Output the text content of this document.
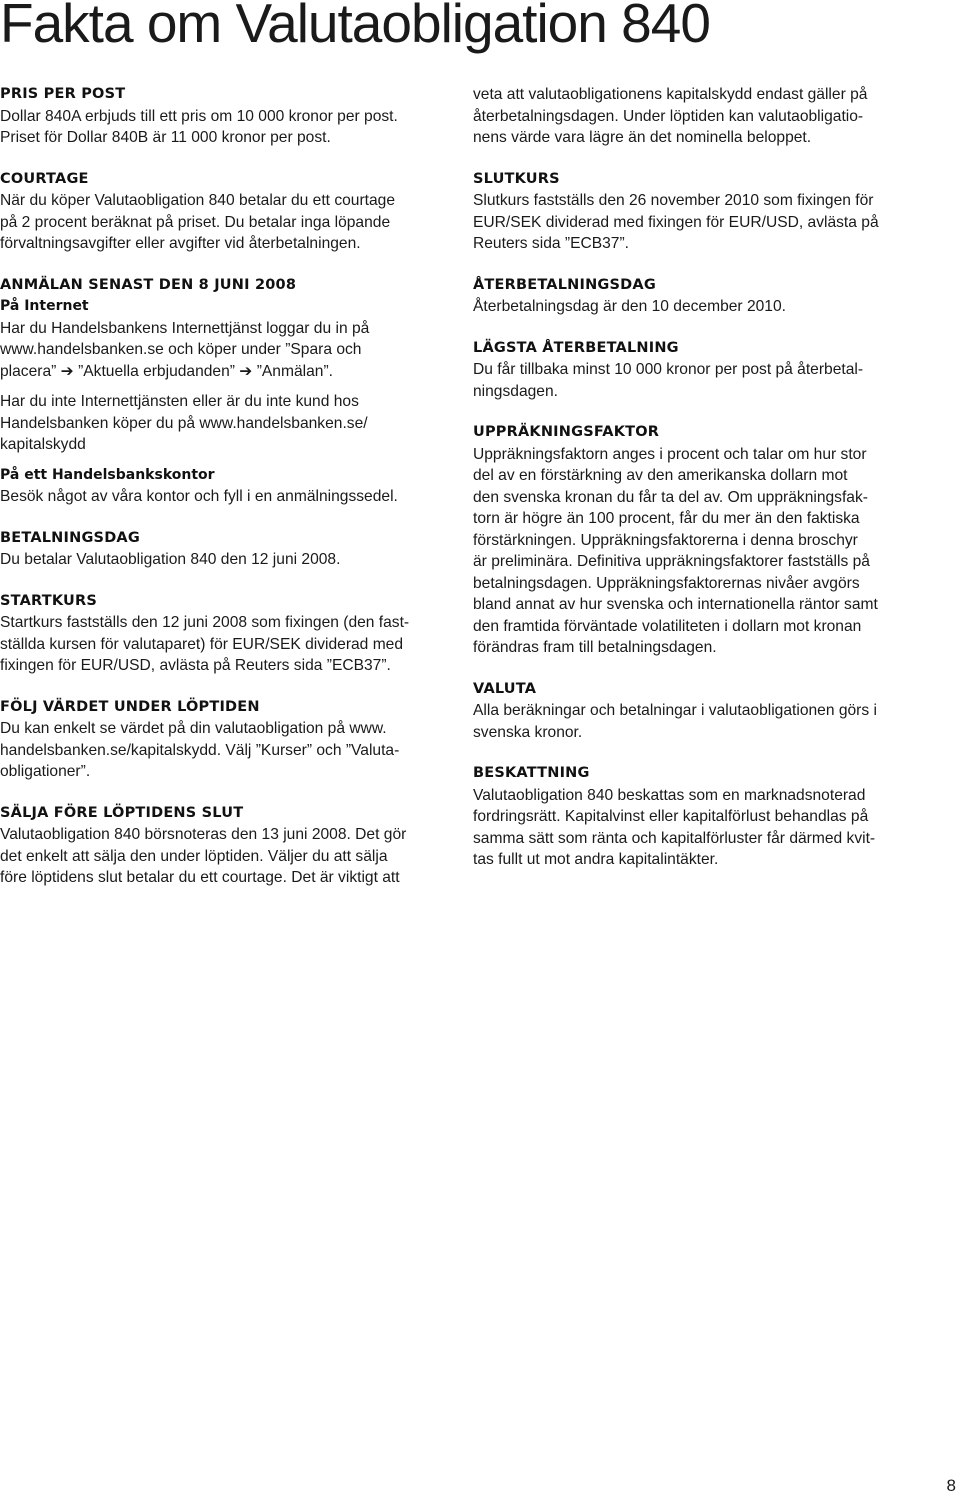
Fakta om Valutaobligation 840

PRIS PER POST

Dollar 840A erbjuds till ett pris om 10 000 kronor per post.
Priset för Dollar 840B är 11 000 kronor per post.

COURTAGE

När du köper Valutaobligation 840 betalar du ett courtage
på 2 procent beräknat på priset. Du betalar inga löpande
förvaltningsavgifter eller avgifter vid återbetalningen.

ANMÄLAN SENAST DEN 8 JUNI 2008

På Internet

Har du Handelsbankens Internettjänst loggar du in på
www.handelsbanken.se och köper under ”Spara och
placera” ➔ ”Aktuella erbjudanden” ➔ ”Anmälan”.

Har du inte Internettjänsten eller är du inte kund hos
Handelsbanken köper du på www.handelsbanken.se/
kapitalskydd

På ett Handelsbankskontor

Besök något av våra kontor och fyll i en anmälningssedel.

BETALNINGSDAG

Du betalar Valutaobligation 840 den 12 juni 2008.

STARTKURS

Startkurs fastställs den 12 juni 2008 som fixingen (den fast-
ställda kursen för valutaparet) för EUR/SEK dividerad med
fixingen för EUR/USD, avlästa på Reuters sida ”ECB37”.

FÖLJ VÄRDET UNDER LÖPTIDEN

Du kan enkelt se värdet på din valutaobligation på www.
handelsbanken.se/kapitalskydd. Välj ”Kurser” och ”Valuta-
obligationer”.

SÄLJA FÖRE LÖPTIDENS SLUT

Valutaobligation 840 börsnoteras den 13 juni 2008. Det gör
det enkelt att sälja den under löptiden. Väljer du att sälja
före löptidens slut betalar du ett courtage. Det är viktigt att

veta att valutaobligationens kapitalskydd endast gäller på
återbetalningsdagen. Under löptiden kan valutaobligatio-
nens värde vara lägre än det nominella beloppet.

SLUTKURS

Slutkurs fastställs den 26 november 2010 som fixingen för
EUR/SEK dividerad med fixingen för EUR/USD, avlästa på
Reuters sida ”ECB37”.

ÅTERBETALNINGSDAG

Återbetalningsdag är den 10 december 2010.

LÄGSTA ÅTERBETALNING

Du får tillbaka minst 10 000 kronor per post på återbetal-
ningsdagen.

UPPRÄKNINGSFAKTOR

Uppräkningsfaktorn anges i procent och talar om hur stor
del av en förstärkning av den amerikanska dollarn mot
den svenska kronan du får ta del av. Om uppräkningsfak-
torn är högre än 100 procent, får du mer än den faktiska
förstärkningen. Uppräkningsfaktorerna i denna broschyr
är preliminära. Definitiva uppräkningsfaktorer fastställs på
betalningsdagen. Uppräkningsfaktorernas nivåer avgörs
bland annat av hur svenska och internationella räntor samt
den framtida förväntade volatiliteten i dollarn mot kronan
förändras fram till betalningsdagen.

VALUTA

Alla beräkningar och betalningar i valutaobligationen görs i
svenska kronor.

BESKATTNING

Valutaobligation 840 beskattas som en marknadsnoterad
fordringsrätt. Kapitalvinst eller kapitalförlust behandlas på
samma sätt som ränta och kapitalförluster får därmed kvit-
tas fullt ut mot andra kapitalintäkter.

8
